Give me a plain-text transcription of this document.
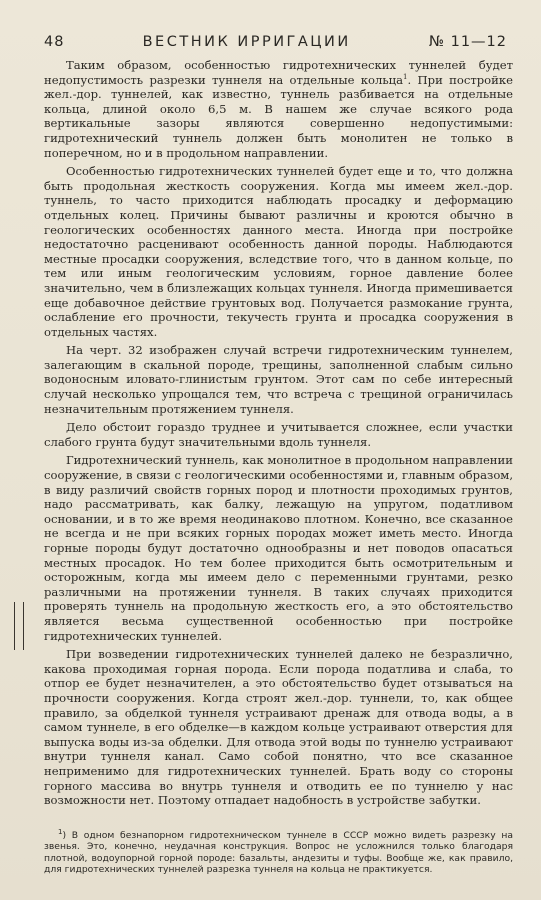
48	ВЕСТНИК ИРРИГАЦИИ	№ 11—12

Таким образом, особенностью гидротехнических туннелей будет недопустимость разрезки туннеля на отдельные кольца$^1$. При постройке жел.-дор. туннелей, как известно, туннель разбивается на отдельные кольца, длиной около 6,5 м. В нашем же случае всякого рода вертикальные зазоры являются совершенно недопустимыми: гидротехнический туннель должен быть монолитен не только в поперечном, но и в продольном направлении.

Особенностью гидротехнических туннелей будет еще и то, что должна быть продольная жесткость сооружения. Когда мы имеем жел.-дор. туннель, то часто приходится наблюдать просадку и деформацию отдельных колец. Причины бывают различны и кроются обычно в геологических особенностях данного места. Иногда при постройке недостаточно расценивают особенность данной породы. Наблюдаются местные просадки сооружения, вследствие того, что в данном кольце, по тем или иным геологическим условиям, горное давление более значительно, чем в близлежащих кольцах туннеля. Иногда примешивается еще добавочное действие грунтовых вод. Получается размокание грунта, ослабление его прочности, текучесть грунта и просадка сооружения в отдельных частях.

На черт. 32 изображен случай встречи гидротехническим туннелем, залегающим в скальной породе, трещины, заполненной слабым сильно водоносным иловато-глинистым грунтом. Этот сам по себе интересный случай несколько упрощался тем, что встреча с трещиной ограничилась незначительным протяжением туннеля.

Дело обстоит гораздо труднее и учитывается сложнее, если участки слабого грунта будут значительными вдоль туннеля.

Гидротехнический туннель, как монолитное в продольном направлении сооружение, в связи с геологическими особенностями и, главным образом, в виду различий свойств горных пород и плотности проходимых грунтов, надо рассматривать, как балку, лежащую на упругом, податливом основании, и в то же время неодинаково плотном. Конечно, все сказанное не всегда и не при всяких горных породах может иметь место. Иногда горные породы будут достаточно однообразны и нет поводов опасаться местных просадок. Но тем более приходится быть осмотрительным и осторожным, когда мы имеем дело с переменными грунтами, резко различными на протяжении туннеля. В таких случаях приходится проверять туннель на продольную жесткость его, а это обстоятельство является весьма существенной особенностью при постройке гидротехнических туннелей.

При возведении гидротехнических туннелей далеко не безразлично, какова проходимая горная порода. Если порода податлива и слаба, то отпор ее будет незначителен, а это обстоятельство будет отзываться на прочности сооружения. Когда строят жел.-дор. туннели, то, как общее правило, за обделкой туннеля устраивают дренаж для отвода воды, а в самом туннеле, в его обделке—в каждом кольце устраивают отверстия для выпуска воды из-за обделки. Для отвода этой воды по туннелю устраивают внутри туннеля канал. Само собой понятно, что все сказанное неприменимо для гидротехнических туннелей. Брать воду со стороны горного массива во внутрь туннеля и отводить ее по туннелю у нас возможности нет. Поэтому отпадает надобность в устройстве забутки.

$^1$) В одном безнапорном гидротехническом туннеле в СССР можно видеть разрезку на звенья. Это, конечно, неудачная конструкция. Вопрос не усложнился только благодаря плотной, водоупорной горной породе: базальты, андезиты и туфы. Вообще же, как правило, для гидротехнических туннелей разрезка туннеля на кольца не практикуется.
